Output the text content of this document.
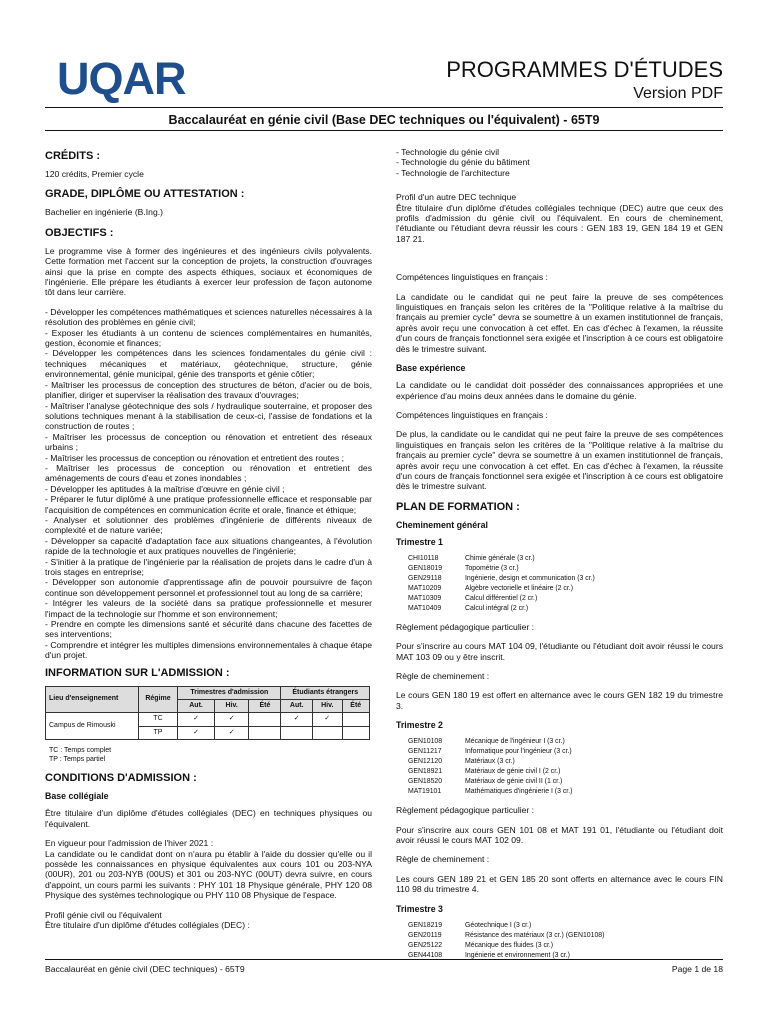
UQAR	PROGRAMMES D'ÉTUDES
Version PDF
Baccalauréat en génie civil (Base DEC techniques ou l'équivalent) - 65T9
CRÉDITS :
120 crédits, Premier cycle
GRADE, DIPLÔME OU ATTESTATION :
Bachelier en ingénierie (B.Ing.)
OBJECTIFS :
Le programme vise à former des ingénieures et des ingénieurs civils polyvalents. Cette formation met l'accent sur la conception de projets, la construction d'ouvrages ainsi que la prise en compte des aspects éthiques, sociaux et économiques de l'ingénierie. Elle prépare les étudiants à exercer leur profession de façon autonome tôt dans leur carrière.
- Développer les compétences mathématiques et sciences naturelles nécessaires à la résolution des problèmes en génie civil;
- Exposer les étudiants à un contenu de sciences complémentaires en humanités, gestion, économie et finances;
- Développer les compétences dans les sciences fondamentales du génie civil : techniques mécaniques et matériaux, géotechnique, structure, génie environnemental, génie municipal, génie des transports et génie côtier;
- Maîtriser les processus de conception des structures de béton, d'acier ou de bois, planifier, diriger et superviser la réalisation des travaux d'ouvrages;
- Maîtriser l'analyse géotechnique des sols / hydraulique souterraine, et proposer des solutions techniques menant à la stabilisation de ceux-ci, l'assise de fondations et la construction de routes ;
- Maîtriser les processus de conception ou rénovation et entretient des réseaux urbains ;
- Maîtriser les processus de conception ou rénovation et entretient des routes ;
- Maîtriser les processus de conception ou rénovation et entretient des aménagements de cours d'eau et zones inondables ;
- Développer les aptitudes à la maîtrise d'œuvre en génie civil ;
- Préparer le futur diplômé à une pratique professionnelle efficace et responsable par l'acquisition de compétences en communication écrite et orale, finance et éthique;
- Analyser et solutionner des problèmes d'ingénierie de différents niveaux de complexité et de nature variée;
- Développer sa capacité d'adaptation face aux situations changeantes, à l'évolution rapide de la technologie et aux pratiques nouvelles de l'ingénierie;
- S'initier à la pratique de l'ingénierie par la réalisation de projets dans le cadre d'un à trois stages en entreprise;
- Développer son autonomie d'apprentissage afin de pouvoir poursuivre de façon continue son développement personnel et professionnel tout au long de sa carrière;
- Intégrer les valeurs de la société dans sa pratique professionnelle et mesurer l'impact de la technologie sur l'homme et son environnement;
- Prendre en compte les dimensions santé et sécurité dans chacune des facettes de ses interventions;
- Comprendre et intégrer les multiples dimensions environnementales à chaque étape d'un projet.
INFORMATION SUR L'ADMISSION :
Lieu d'enseignement	Régime	Trimestres d'admission			Étudiants étrangers		
		Aut.	Hiv.	Été	Aut.	Hiv.	Été
Campus de Rimouski	TC	✓	✓		✓	✓	
	TP	✓	✓				
TC : Temps complet
TP : Temps partiel
CONDITIONS D'ADMISSION :
Base collégiale
Être titulaire d'un diplôme d'études collégiales (DEC) en techniques physiques ou l'équivalent.
En vigueur pour l'admission de l'hiver 2021 :
La candidate ou le candidat dont on n'aura pu établir à l'aide du dossier qu'elle ou il possède les connaissances en physique équivalentes aux cours 101 ou 203-NYA (00UR), 201 ou 203-NYB (00US) et 301 ou 203-NYC (00UT) devra suivre, en cours d'appoint, un cours parmi les suivants : PHY 101 18 Physique générale, PHY 120 08 Physique des systèmes technologique ou PHY 110 08 Physique de l'espace.
Profil génie civil ou l'équivalent
Être titulaire d'un diplôme d'études collégiales (DEC) :
- Technologie du génie civil
- Technologie du génie du bâtiment
- Technologie de l'architecture
Profil d'un autre DEC technique
Être titulaire d'un diplôme d'études collégiales technique (DEC) autre que ceux des profils d'admission du génie civil ou l'équivalent. En cours de cheminement, l'étudiante ou l'étudiant devra réussir les cours : GEN 183 19, GEN 184 19 et GEN 187 21.
Compétences linguistiques en français :
La candidate ou le candidat qui ne peut faire la preuve de ses compétences linguistiques en français selon les critères de la "Politique relative à la maîtrise du français au premier cycle" devra se soumettre à un examen institutionnel de français, après avoir reçu une convocation à cet effet. En cas d'échec à l'examen, la réussite d'un cours de français fonctionnel sera exigée et l'inscription à ce cours est obligatoire dès le trimestre suivant.
Base expérience
La candidate ou le candidat doit posséder des connaissances appropriées et une expérience d'au moins deux années dans le domaine du génie.
Compétences linguistiques en français :
De plus, la candidate ou le candidat qui ne peut faire la preuve de ses compétences linguistiques en français selon les critères de la "Politique relative à la maîtrise du français au premier cycle" devra se soumettre à un examen institutionnel de français, après avoir reçu une convocation à cet effet. En cas d'échec à l'examen, la réussite d'un cours de français fonctionnel sera exigée et l'inscription à ce cours est obligatoire dès le trimestre suivant.
PLAN DE FORMATION :
Cheminement général
Trimestre 1
CHI10118	Chimie générale (3 cr.)
GEN18019	Topométrie (3 cr.)
GEN29118	Ingénierie, design et communication (3 cr.)
MAT10209	Algèbre vectorielle et linéaire (2 cr.)
MAT10309	Calcul différentiel (2 cr.)
MAT10409	Calcul intégral (2 cr.)
Règlement pédagogique particulier :
Pour s'inscrire au cours MAT 104 09, l'étudiante ou l'étudiant doit avoir réussi le cours MAT 103 09 ou y être inscrit.
Règle de cheminement :
Le cours GEN 180 19 est offert en alternance avec le cours GEN 182 19 du trimestre 3.
Trimestre 2
GEN10108	Mécanique de l'ingénieur I (3 cr.)
GEN11217	Informatique pour l'ingénieur (3 cr.)
GEN12120	Matériaux (3 cr.)
GEN18921	Matériaux de génie civil I (2 cr.)
GEN18520	Matériaux de génie civil II (1 cr.)
MAT19101	Mathématiques d'ingénierie I (3 cr.)
Règlement pédagogique particulier :
Pour s'inscrire aux cours GEN 101 08 et MAT 191 01, l'étudiante ou l'étudiant doit avoir réussi le cours MAT 102 09.
Règle de cheminement :
Les cours GEN 189 21 et GEN 185 20 sont offerts en alternance avec le cours FIN 110 98 du trimestre 4.
Trimestre 3
GEN18219	Géotechnique I (3 cr.)
GEN20119	Résistance des matériaux (3 cr.) (GEN10108)
GEN25122	Mécanique des fluides (3 cr.)
GEN44108	Ingénierie et environnement (3 cr.)
Baccalauréat en génie civil (DEC techniques) - 65T9	Page 1 de 18
